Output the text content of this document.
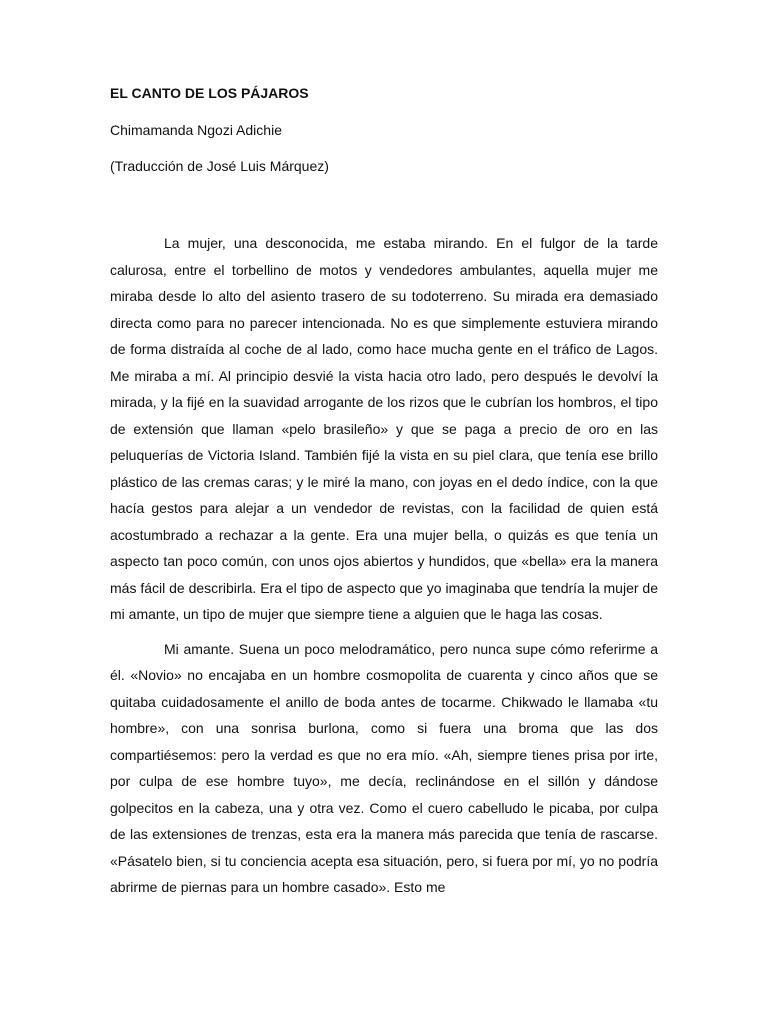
EL CANTO DE LOS PÁJAROS

Chimamanda Ngozi Adichie

(Traducción de José Luis Márquez)

La mujer, una desconocida, me estaba mirando. En el fulgor de la tarde calurosa, entre el torbellino de motos y vendedores ambulantes, aquella mujer me miraba desde lo alto del asiento trasero de su todoterreno. Su mirada era demasiado directa como para no parecer intencionada. No es que simplemente estuviera mirando de forma distraída al coche de al lado, como hace mucha gente en el tráfico de Lagos. Me miraba a mí. Al principio desvié la vista hacia otro lado, pero después le devolví la mirada, y la fijé en la suavidad arrogante de los rizos que le cubrían los hombros, el tipo de extensión que llaman «pelo brasileño» y que se paga a precio de oro en las peluquerías de Victoria Island. También fijé la vista en su piel clara, que tenía ese brillo plástico de las cremas caras; y le miré la mano, con joyas en el dedo índice, con la que hacía gestos para alejar a un vendedor de revistas, con la facilidad de quien está acostumbrado a rechazar a la gente. Era una mujer bella, o quizás es que tenía un aspecto tan poco común, con unos ojos abiertos y hundidos, que «bella» era la manera más fácil de describirla. Era el tipo de aspecto que yo imaginaba que tendría la mujer de mi amante, un tipo de mujer que siempre tiene a alguien que le haga las cosas.

Mi amante. Suena un poco melodramático, pero nunca supe cómo referirme a él. «Novio» no encajaba en un hombre cosmopolita de cuarenta y cinco años que se quitaba cuidadosamente el anillo de boda antes de tocarme. Chikwado le llamaba «tu hombre», con una sonrisa burlona, como si fuera una broma que las dos compartiésemos: pero la verdad es que no era mío. «Ah, siempre tienes prisa por irte, por culpa de ese hombre tuyo», me decía, reclinándose en el sillón y dándose golpecitos en la cabeza, una y otra vez. Como el cuero cabelludo le picaba, por culpa de las extensiones de trenzas, esta era la manera más parecida que tenía de rascarse. «Pásatelo bien, si tu conciencia acepta esa situación, pero, si fuera por mí, yo no podría abrirme de piernas para un hombre casado». Esto me
